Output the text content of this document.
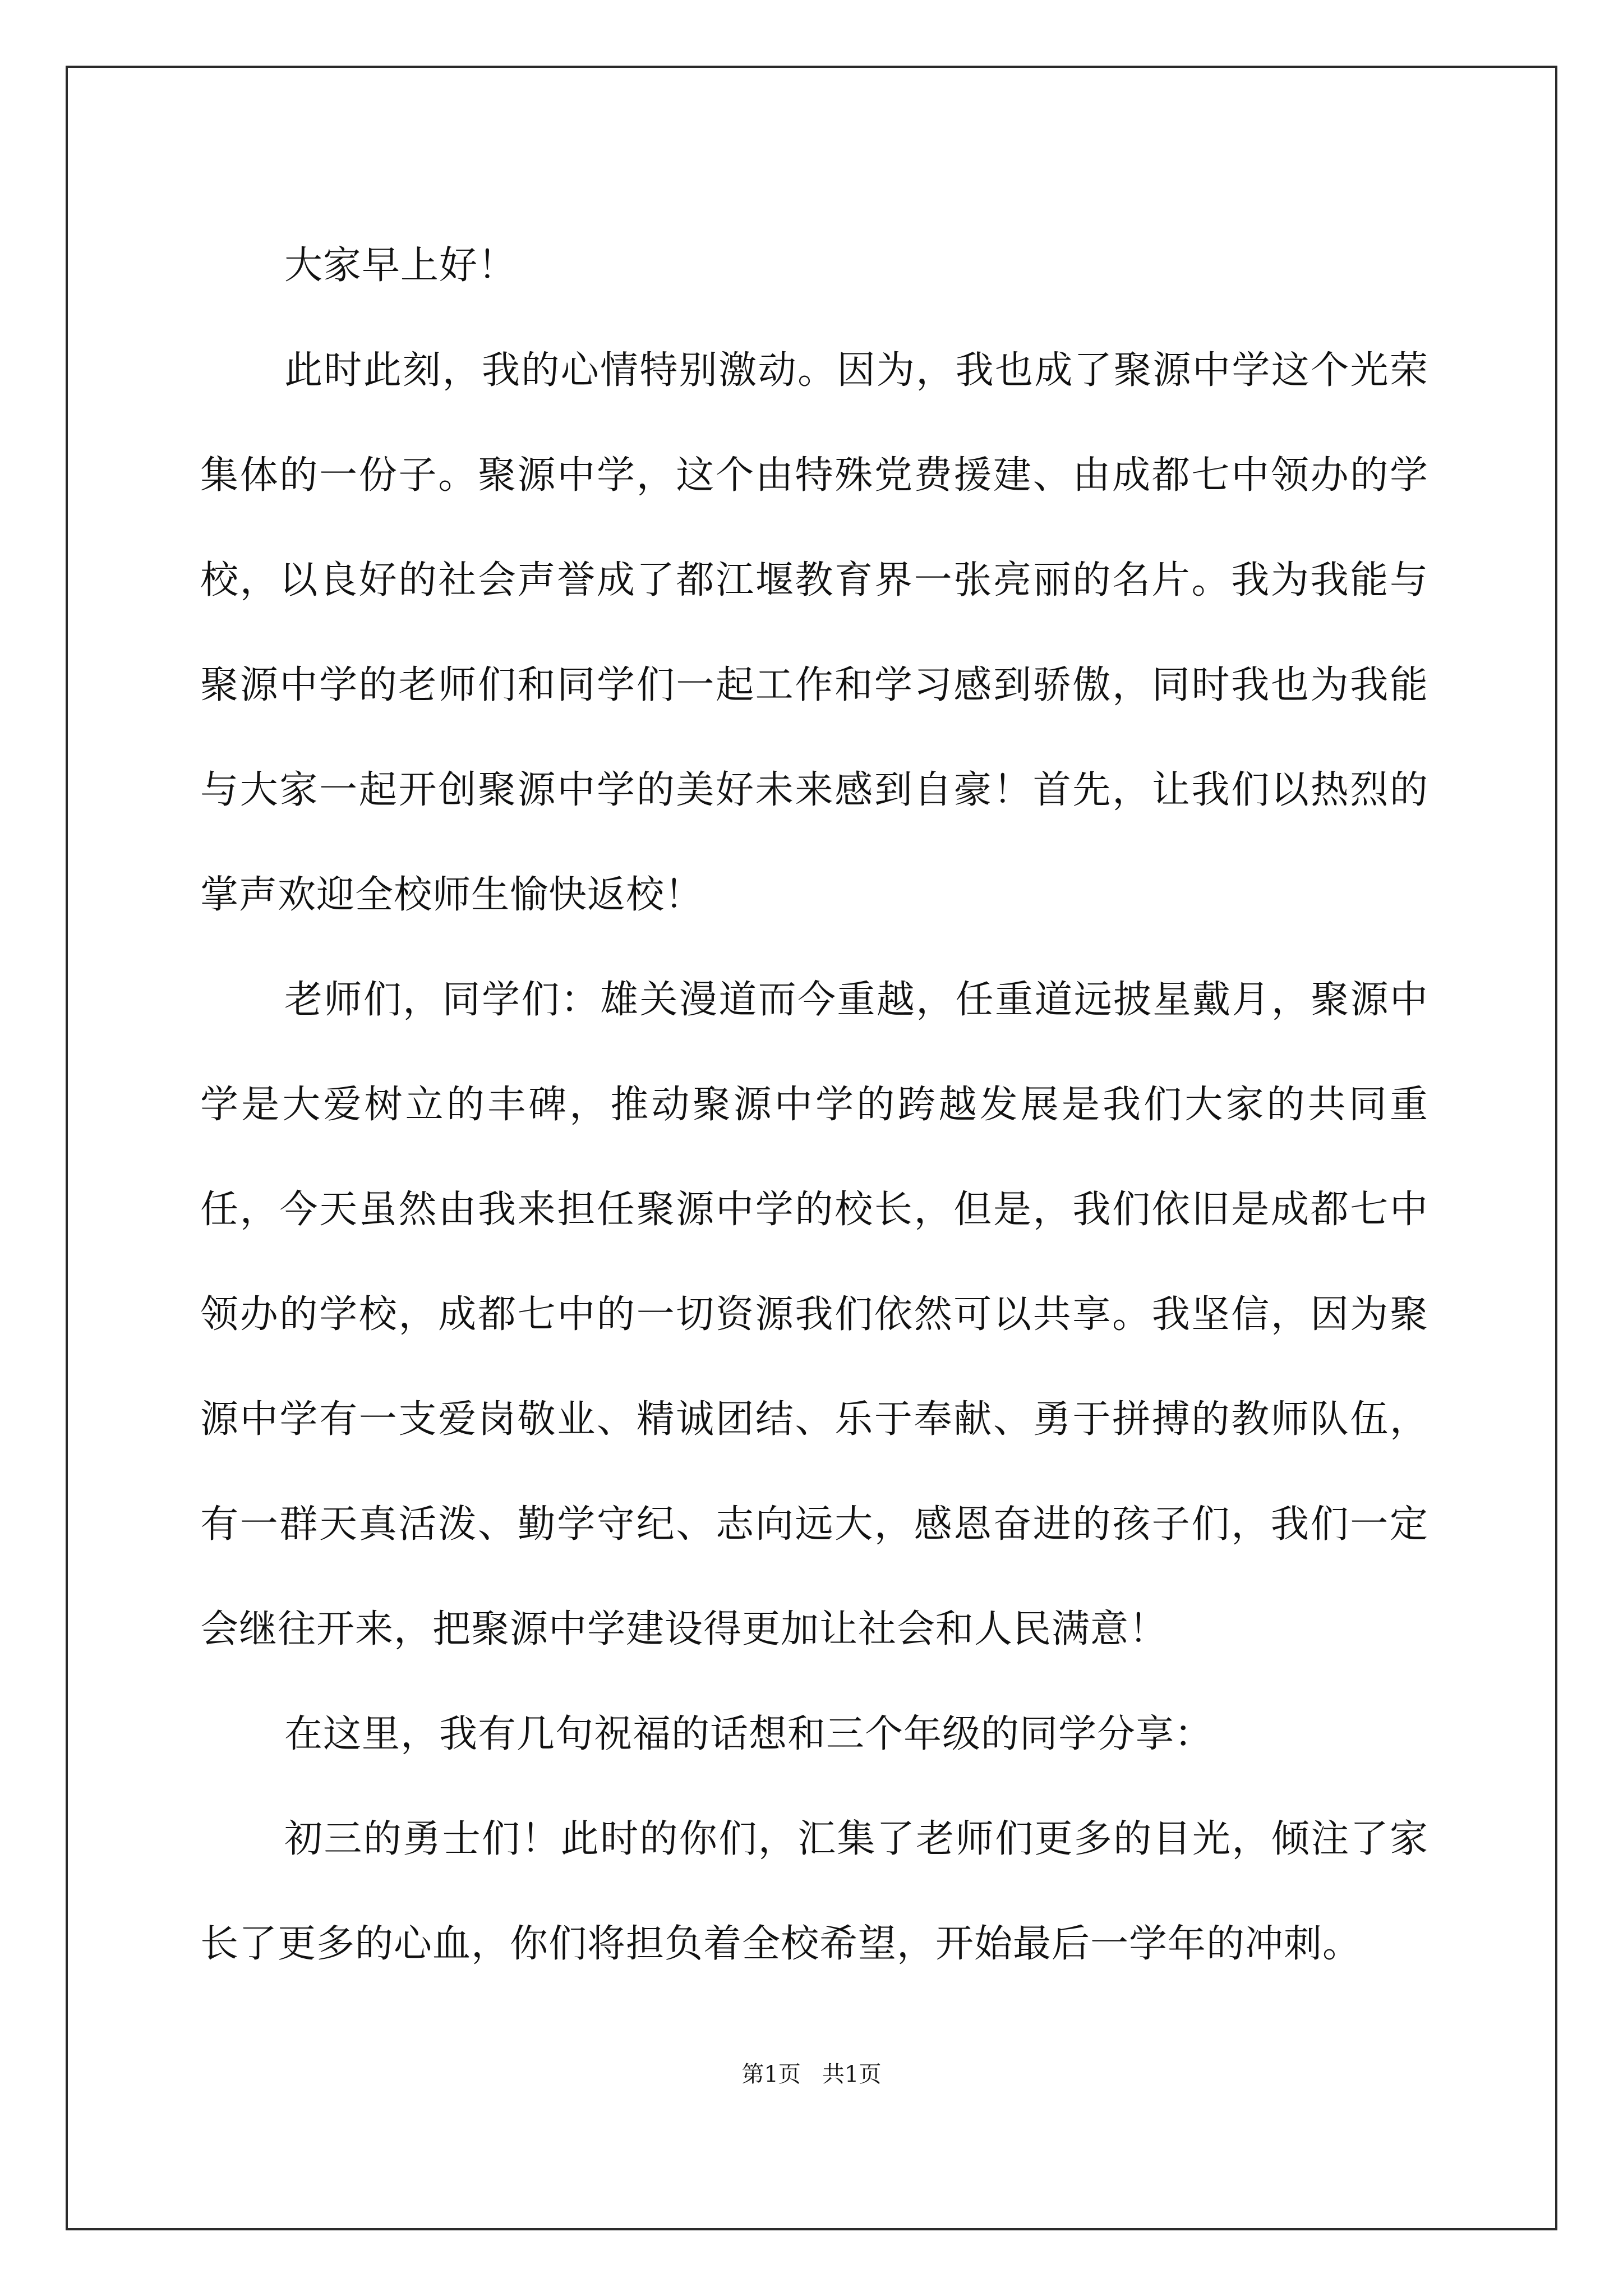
大家早上好！

此时此刻，我的心情特别激动。因为，我也成了聚源中学这个光荣集体的一份子。聚源中学，这个由特殊党费援建、由成都七中领办的学校，以良好的社会声誉成了都江堰教育界一张亮丽的名片。我为我能与聚源中学的老师们和同学们一起工作和学习感到骄傲，同时我也为我能与大家一起开创聚源中学的美好未来感到自豪！首先，让我们以热烈的掌声欢迎全校师生愉快返校！

老师们，同学们：雄关漫道而今重越，任重道远披星戴月，聚源中学是大爱树立的丰碑，推动聚源中学的跨越发展是我们大家的共同重任，今天虽然由我来担任聚源中学的校长，但是，我们依旧是成都七中领办的学校，成都七中的一切资源我们依然可以共享。我坚信，因为聚源中学有一支爱岗敬业、精诚团结、乐于奉献、勇于拼搏的教师队伍，有一群天真活泼、勤学守纪、志向远大，感恩奋进的孩子们，我们一定会继往开来，把聚源中学建设得更加让社会和人民满意！

在这里，我有几句祝福的话想和三个年级的同学分享：

初三的勇士们！此时的你们，汇集了老师们更多的目光，倾注了家长了更多的心血，你们将担负着全校希望，开始最后一学年的冲刺。

第1页   共1页
